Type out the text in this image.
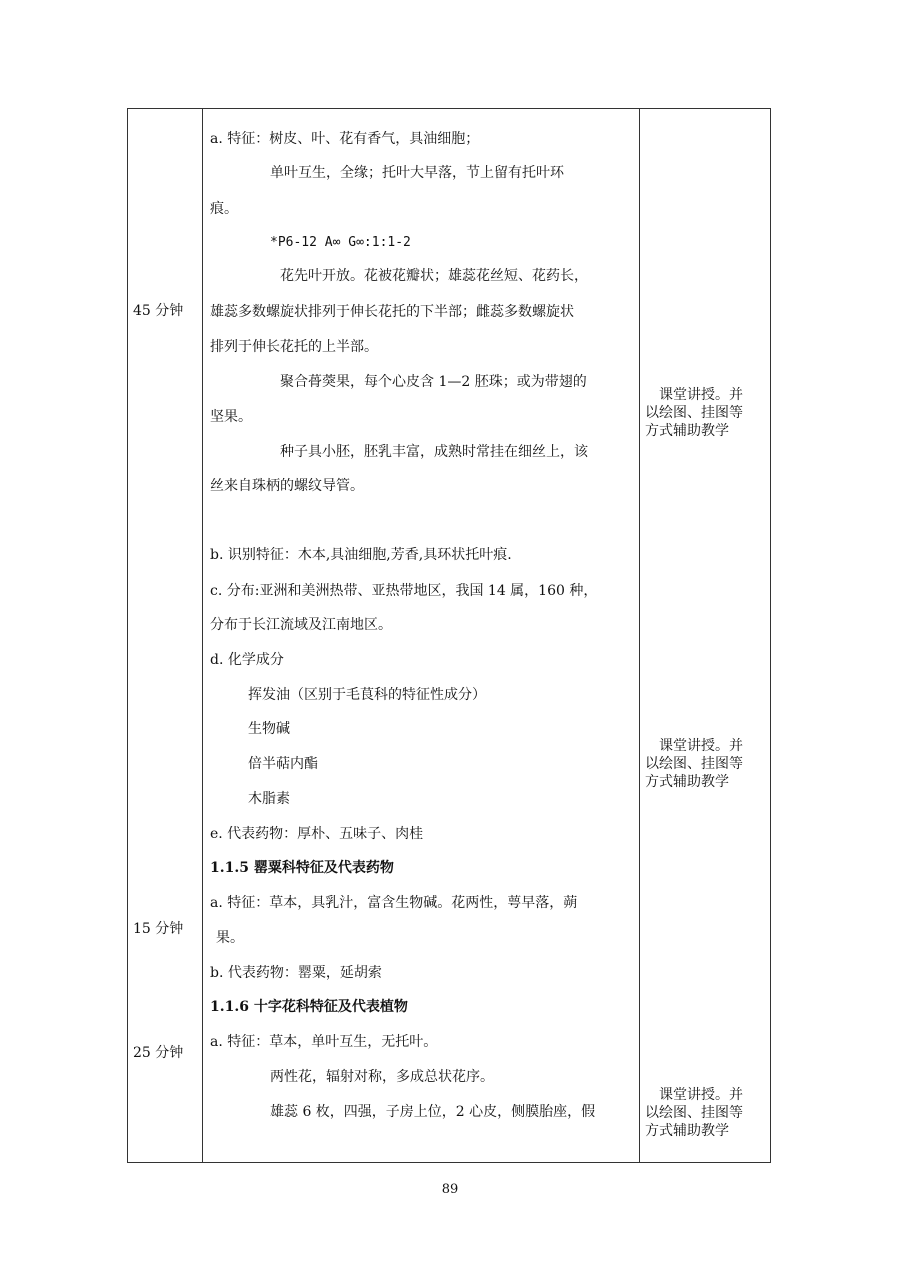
45 分钟
15 分钟
25 分钟
a. 特征：树皮、叶、花有香气，具油细胞；
单叶互生，全缘；托叶大早落，节上留有托叶环
痕。
*P6-12 A∞ G∞:1:1-2
花先叶开放。花被花瓣状；雄蕊花丝短、花药长，
雄蕊多数螺旋状排列于伸长花托的下半部；雌蕊多数螺旋状
排列于伸长花托的上半部。
聚合蓇葖果，每个心皮含 1—2 胚珠；或为带翅的
坚果。
种子具小胚，胚乳丰富，成熟时常挂在细丝上，该
丝来自珠柄的螺纹导管。
b. 识别特征：木本,具油细胞,芳香,具环状托叶痕.
c. 分布:亚洲和美洲热带、亚热带地区，我国 14 属，160 种，
分布于长江流域及江南地区。
d. 化学成分
挥发油（区别于毛茛科的特征性成分）
生物碱
倍半萜内酯
木脂素
e. 代表药物：厚朴、五味子、肉桂
1.1.5 罂粟科特征及代表药物
a. 特征：草本，具乳汁，富含生物碱。花两性，萼早落，蒴
果。
b. 代表药物：罂粟，延胡索
1.1.6 十字花科特征及代表植物
a. 特征：草本，单叶互生，无托叶。
两性花，辐射对称，多成总状花序。
雄蕊 6 枚，四强，子房上位，2 心皮，侧膜胎座，假
课堂讲授。并
以绘图、挂图等
方式辅助教学
课堂讲授。并
以绘图、挂图等
方式辅助教学
课堂讲授。并
以绘图、挂图等
方式辅助教学
89
